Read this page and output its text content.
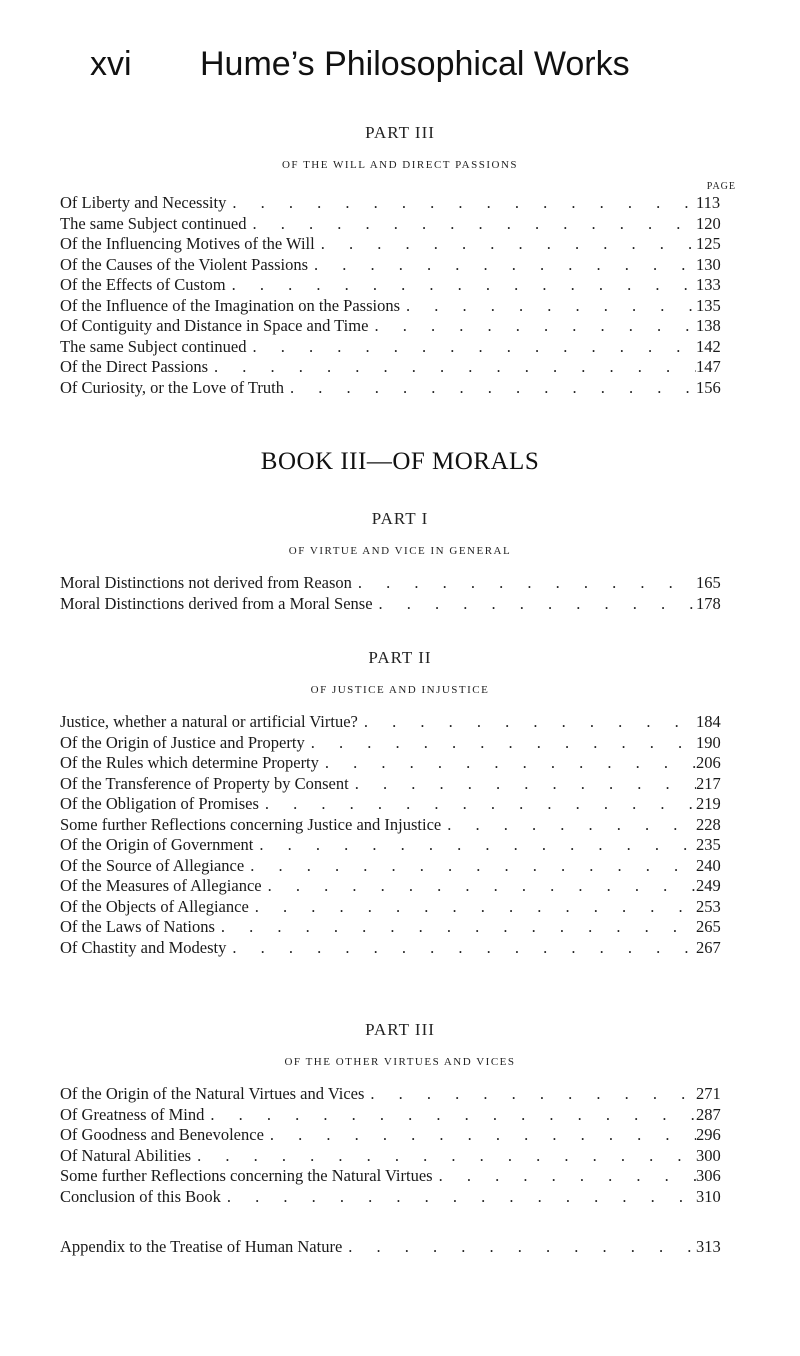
xvi Hume’s Philosophical Works
PART III
OF THE WILL AND DIRECT PASSIONS
PAGE
Of Liberty and Necessity . . .	113
The same Subject continued . . .	120
Of the Influencing Motives of the Will . . .	125
Of the Causes of the Violent Passions . . .	130
Of the Effects of Custom . . .	133
Of the Influence of the Imagination on the Passions . . .	135
Of Contiguity and Distance in Space and Time . . .	138
The same Subject continued . . .	142
Of the Direct Passions . . .	147
Of Curiosity, or the Love of Truth . . .	156
BOOK III—OF MORALS
PART I
OF VIRTUE AND VICE IN GENERAL
Moral Distinctions not derived from Reason . . .	165
Moral Distinctions derived from a Moral Sense . . .	178
PART II
OF JUSTICE AND INJUSTICE
Justice, whether a natural or artificial Virtue? . . .	184
Of the Origin of Justice and Property . . .	190
Of the Rules which determine Property . . .	206
Of the Transference of Property by Consent . . .	217
Of the Obligation of Promises . . .	219
Some further Reflections concerning Justice and Injustice . . .	228
Of the Origin of Government . . .	235
Of the Source of Allegiance . . .	240
Of the Measures of Allegiance . . .	249
Of the Objects of Allegiance . . .	253
Of the Laws of Nations . . .	265
Of Chastity and Modesty . . .	267
PART III
OF THE OTHER VIRTUES AND VICES
Of the Origin of the Natural Virtues and Vices . . .	271
Of Greatness of Mind . . .	287
Of Goodness and Benevolence . . .	296
Of Natural Abilities . . .	300
Some further Reflections concerning the Natural Virtues . . .	306
Conclusion of this Book . . .	310
Appendix to the Treatise of Human Nature . . .	313
